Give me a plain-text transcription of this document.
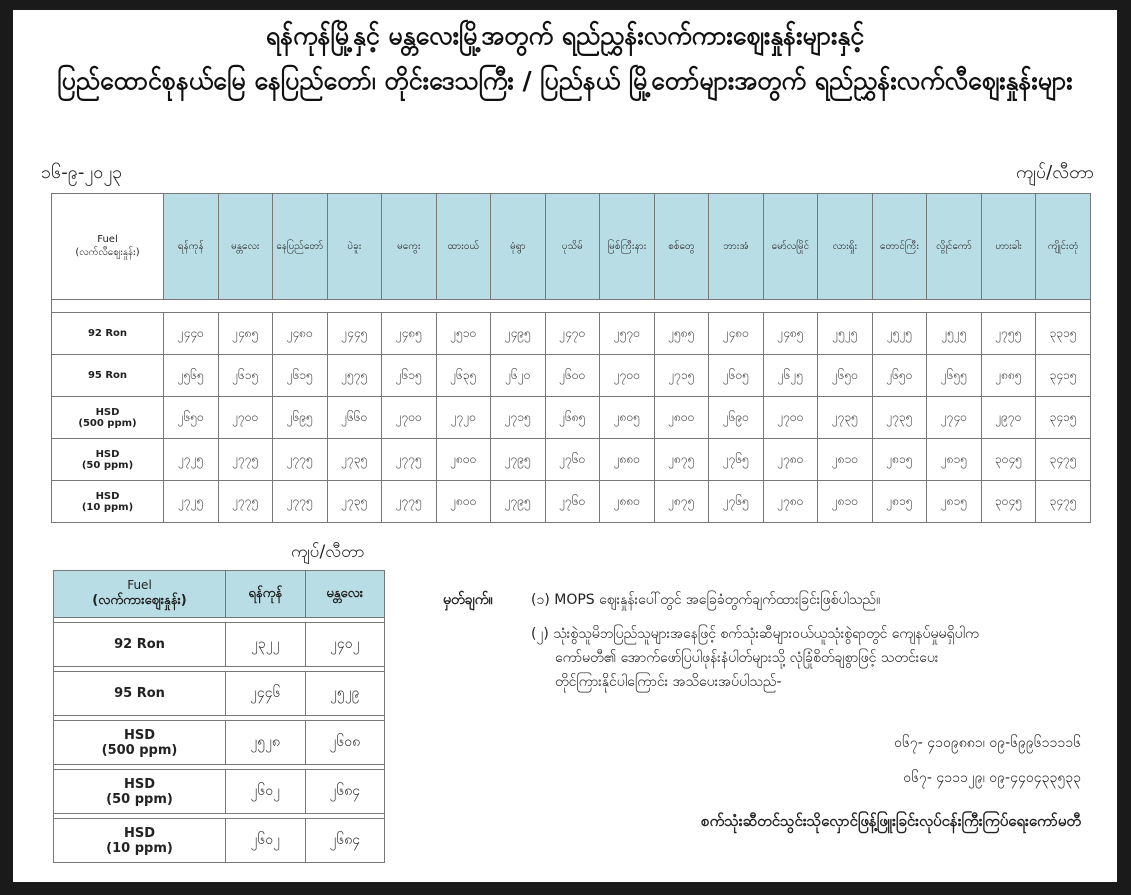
ရန်ကုန်မြို့နှင့် မန္တလေးမြို့အတွက် ရည်ညွှန်းလက်ကားဈေးနှုန်းများနှင့်
ပြည်ထောင်စုနယ်မြေ နေပြည်တော်၊ တိုင်းဒေသကြီး / ပြည်နယ် မြို့တော်များအတွက် ရည်ညွှန်းလက်လီဈေးနှုန်းများ
၁၆-၉-၂၀၂၃	ကျပ်/လီတာ
Fuel
(လက်လီဈေးနှုန်း)	ရန်ကုန်	မန္တလေး	နေပြည်တော်	ပဲခူး	မကွေး	ထားဝယ်	မုံရွာ	ပုသိမ်	မြစ်ကြီးနား	စစ်တွေ	ဘားအံ	မော်လမြိုင်	လားရှိုး	တောင်ကြီး	လွိုင်ကော်	ဟားခါး	ကျိုင်းတုံ

92 Ron	၂၄၄၀	၂၄၈၅	၂၄၈၀	၂၄၄၅	၂၄၈၅	၂၅၁၀	၂၄၉၅	၂၄၇၀	၂၅၇၀	၂၅၈၅	၂၄၈၀	၂၄၈၅	၂၅၂၅	၂၅၂၅	၂၅၂၅	၂၇၅၅	၃၃၁၅

95 Ron	၂၅၆၅	၂၆၁၅	၂၆၁၅	၂၅၇၅	၂၆၁၅	၂၆၃၅	၂၆၂၀	၂၆၀၀	၂၇၀၀	၂၇၁၅	၂၆၀၅	၂၆၂၅	၂၆၅၀	၂၆၅၀	၂၆၅၅	၂၈၈၅	၃၄၁၅

HSD
(500 ppm)	၂၆၅၀	၂၇၀၀	၂၆၉၅	၂၆၆၀	၂၇၀၀	၂၇၂၀	၂၇၁၅	၂၆၈၅	၂၈၀၅	၂၈၀၀	၂၆၉၀	၂၇၀၀	၂၇၃၅	၂၇၃၅	၂၇၄၀	၂၉၇၀	၃၄၁၅

HSD
(50 ppm)	၂၇၂၅	၂၇၇၅	၂၇၇၅	၂၇၃၅	၂၇၇၅	၂၈၀၀	၂၇၉၅	၂၇၆၀	၂၈၈၀	၂၈၇၅	၂၇၆၅	၂၇၈၀	၂၈၁၀	၂၈၁၅	၂၈၁၅	၃၀၄၅	၃၄၇၅

HSD
(10 ppm)	၂၇၂၅	၂၇၇၅	၂၇၇၅	၂၇၃၅	၂၇၇၅	၂၈၀၀	၂၇၉၅	၂၇၆၀	၂၈၈၀	၂၈၇၅	၂၇၆၅	၂၇၈၀	၂၈၁၀	၂၈၁၅	၂၈၁၅	၃၀၄၅	၃၄၇၅
ကျပ်/လီတာ
Fuel
(လက်ကားဈေးနှုန်း)	ရန်ကုန်	မန္တလေး

92 Ron	၂၃၂၂	၂၄၀၂

95 Ron	၂၄၄၆	၂၅၂၉

HSD
(500 ppm)	၂၅၂၈	၂၆၀၈

HSD
(50 ppm)	၂၆၀၂	၂၆၈၄

HSD
(10 ppm)	၂၆၀၂	၂၆၈၄
မှတ်ချက်။	(၁) MOPS ဈေးနှုန်းပေါ်တွင် အခြေခံတွက်ချက်ထားခြင်းဖြစ်ပါသည်။
(၂) သုံးစွဲသူမိဘပြည်သူများအနေဖြင့် စက်သုံးဆီများဝယ်ယူသုံးစွဲရာတွင် ကျေနပ်မှုမရှိပါက
ကော်မတီ၏ အောက်ဖော်ပြပါဖုန်းနံပါတ်များသို့ လုံခြုံစိတ်ချစွာဖြင့် သတင်းပေး
တိုင်ကြားနိုင်ပါကြောင်း အသိပေးအပ်ပါသည်-
၀၆၇- ၄၁၀၉၈၈၁၊ ၀၉-၆၉၉၆၁၁၁၁၆
၀၆၇- ၄၁၁၁၂၉၊ ၀၉-၄၄၀၄၃၃၅၃၃
စက်သုံးဆီတင်သွင်းသိုလှောင်ဖြန့်ဖြူးခြင်းလုပ်ငန်းကြီးကြပ်ရေးကော်မတီ
